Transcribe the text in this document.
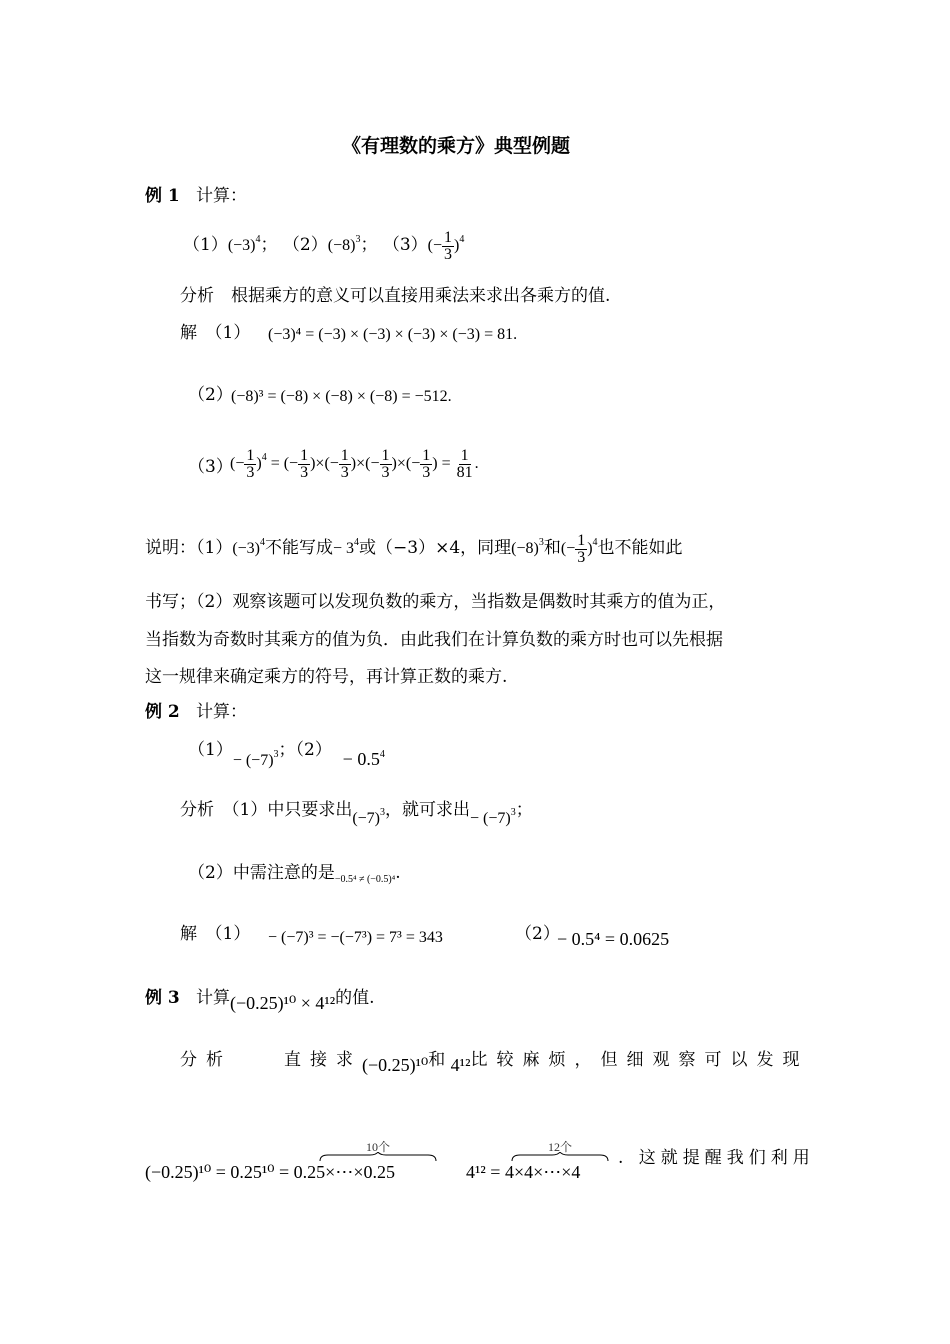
《有理数的乘方》典型例题
例 1 计算：
$(1)(-3)^4$； $(2)(-8)^3$； $(3)(- \frac{1}{3} )^4$
分析　根据乘方的意义可以直接用乘法来求出各乘方的值.
解　（1） (−3)⁴ = (−3) × (−3) × (−3) × (−3) = 81.
（2）
(−8)³ = (−8) × (−8) × (−8) = −512.
（3）
(− $\frac{1}{3} )^4$ = (− $\frac{1}{3}$ )×(− $\frac{1}{3}$ )×(− $\frac{1}{3}$ )×(− $\frac{1}{3}$ ) = $\frac{1}{81}$ .
说明：$(1)(-3)^4$不能写成− $3^4$或（−3）×4，同理$(-8)^3$和(− $\frac{1}{3} )^4$也不能如此
书写；（2）观察该题可以发现负数的乘方，当指数是偶数时其乘方的值为正，
当指数为奇数时其乘方的值为负．由此我们在计算负数的乘方时也可以先根据
这一规律来确定乘方的符号，再计算正数的乘方.
例 2 计算：
$(1)- (-7)^3$；$(2) - 0.5^4$
分析　（1）中只要求出$(-7)^3$，就可求出− $(-7)^3$；
（2）中需注意的是$_{-0.5^4 \ne (-0.5)^4}$.
解　（1） − (−7)³ = −(−7³) = 7³ = 343	（2）
− 0.5⁴ = 0.0625
例 3 计算(−0.25)¹⁰ × 4¹²的值.
分析　　直接求(−0.25)¹⁰和 4¹²比较麻烦，但细观察可以发现
10个	12个
(−0.25)¹⁰ = 0.25¹⁰ = 0.25×⋯×0.25	4¹² = 4×4×⋯×4
. 这就提醒我们利用
